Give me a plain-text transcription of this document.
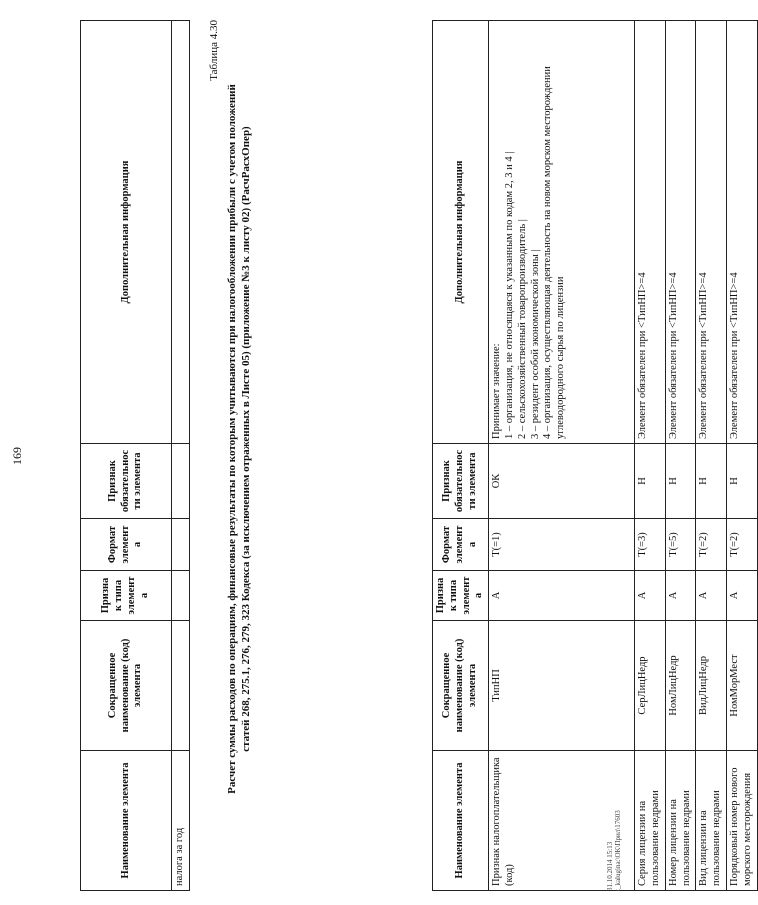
169
Наименование элемента	Сокращенное наименование (код) элемента	Признак типа элемента	Формат элемента	Признак обязательности элемента	Дополнительная информация
налога за год					
Таблица 4.30
Расчет суммы расходов по операциям, финансовые результаты по которым учитываются при налогообложении прибыли с учетом положений статей 268, 275.1, 276, 279, 323 Кодекса (за исключением отраженных в Листе 05) (приложение №3 к листу 02) (РасчРасхОпер)
Наименование элемента	Сокращенное наименование (код) элемента	Признак типа элемента	Формат элемента	Признак обязательности элемента	Дополнительная информация
Признак налогоплательщика (код)	ТипНП	А	T(=1)	ОК	Принимает значение: 1 – организация, не относящаяся к указанным по кодам 2, 3 и 4 | 2 – сельскохозяйственный товаропроизводитель | 3 – резидент особой экономической зоны | 4 – организация, осуществляющая деятельность на новом морском месторождении углеводородного сырья по лицензии

Серия лицензии на пользование недрами	СерЛицНедр	А	T(=3)	Н	Элемент обязателен при <ТипНП>=4
Номер лицензии на пользование недрами	НомЛицНедр	А	T(=5)	Н	Элемент обязателен при <ТипНП>=4
Вид лицензии на пользование недрами	ВидЛицНедр	А	T(=2)	Н	Элемент обязателен при <ТипНП>=4
Порядковый номер нового морского месторождения	НомМорМест	А	T(=2)	Н	Элемент обязателен при <ТипНП>=4
31.10.2014 15:13 t_kalugina:\OK\Прил\17603
